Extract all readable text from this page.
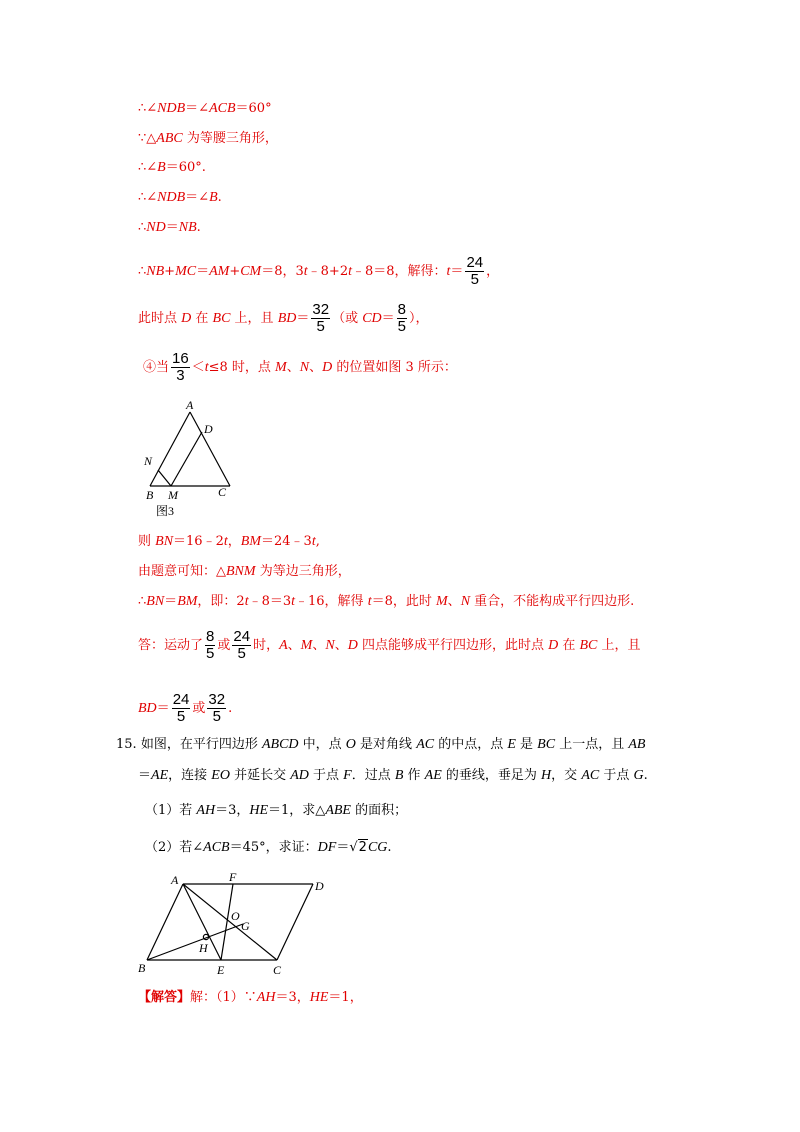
∴∠NDB＝∠ACB＝60°
∵△ABC 为等腰三角形，
∴∠B＝60°.
∴∠NDB＝∠B.
∴ND＝NB.
∴NB+MC＝AM+CM＝8，3t﹣8+2t﹣8＝8，解得：$t= \frac{24}{5}$ ，
此时点 D 在 BC 上，且 $BD= \frac{32}{5}$ （或 $CD= \frac{8}{5}$ ），
④当 $\frac{16}{3} <t\le 8$ 时，点 M、N、D 的位置如图 3 所示：
A
D
N
B M	C
图3
则 BN＝16﹣2t，BM＝24﹣3t,
由题意可知：△BNM 为等边三角形，
∴BN＝BM，即：2t﹣8＝3t﹣16，解得 t＝8，此时 M、N 重合，不能构成平行四边形.
答：运动了 $\frac{8}{5}$ 或 $\frac{24}{5}$ 时，A、M、N、D 四点能够成平行四边形，此时点 D 在 BC 上，且
$BD= \frac{24}{5}$ 或 $\frac{32}{5}$ .
15. 如图，在平行四边形 ABCD 中，点 O 是对角线 AC 的中点，点 E 是 BC 上一点，且 AB
＝AE，连接 EO 并延长交 AD 于点 F．过点 B 作 AE 的垂线，垂足为 H，交 AC 于点 G.
（1）若 AH＝3，HE＝1，求△ABE 的面积；
（2）若∠ACB＝45°，求证：DF＝√2CG.
A	F
D
O
G
H
B	E	C
【解答】解：（1）∵AH＝3，HE＝1，
